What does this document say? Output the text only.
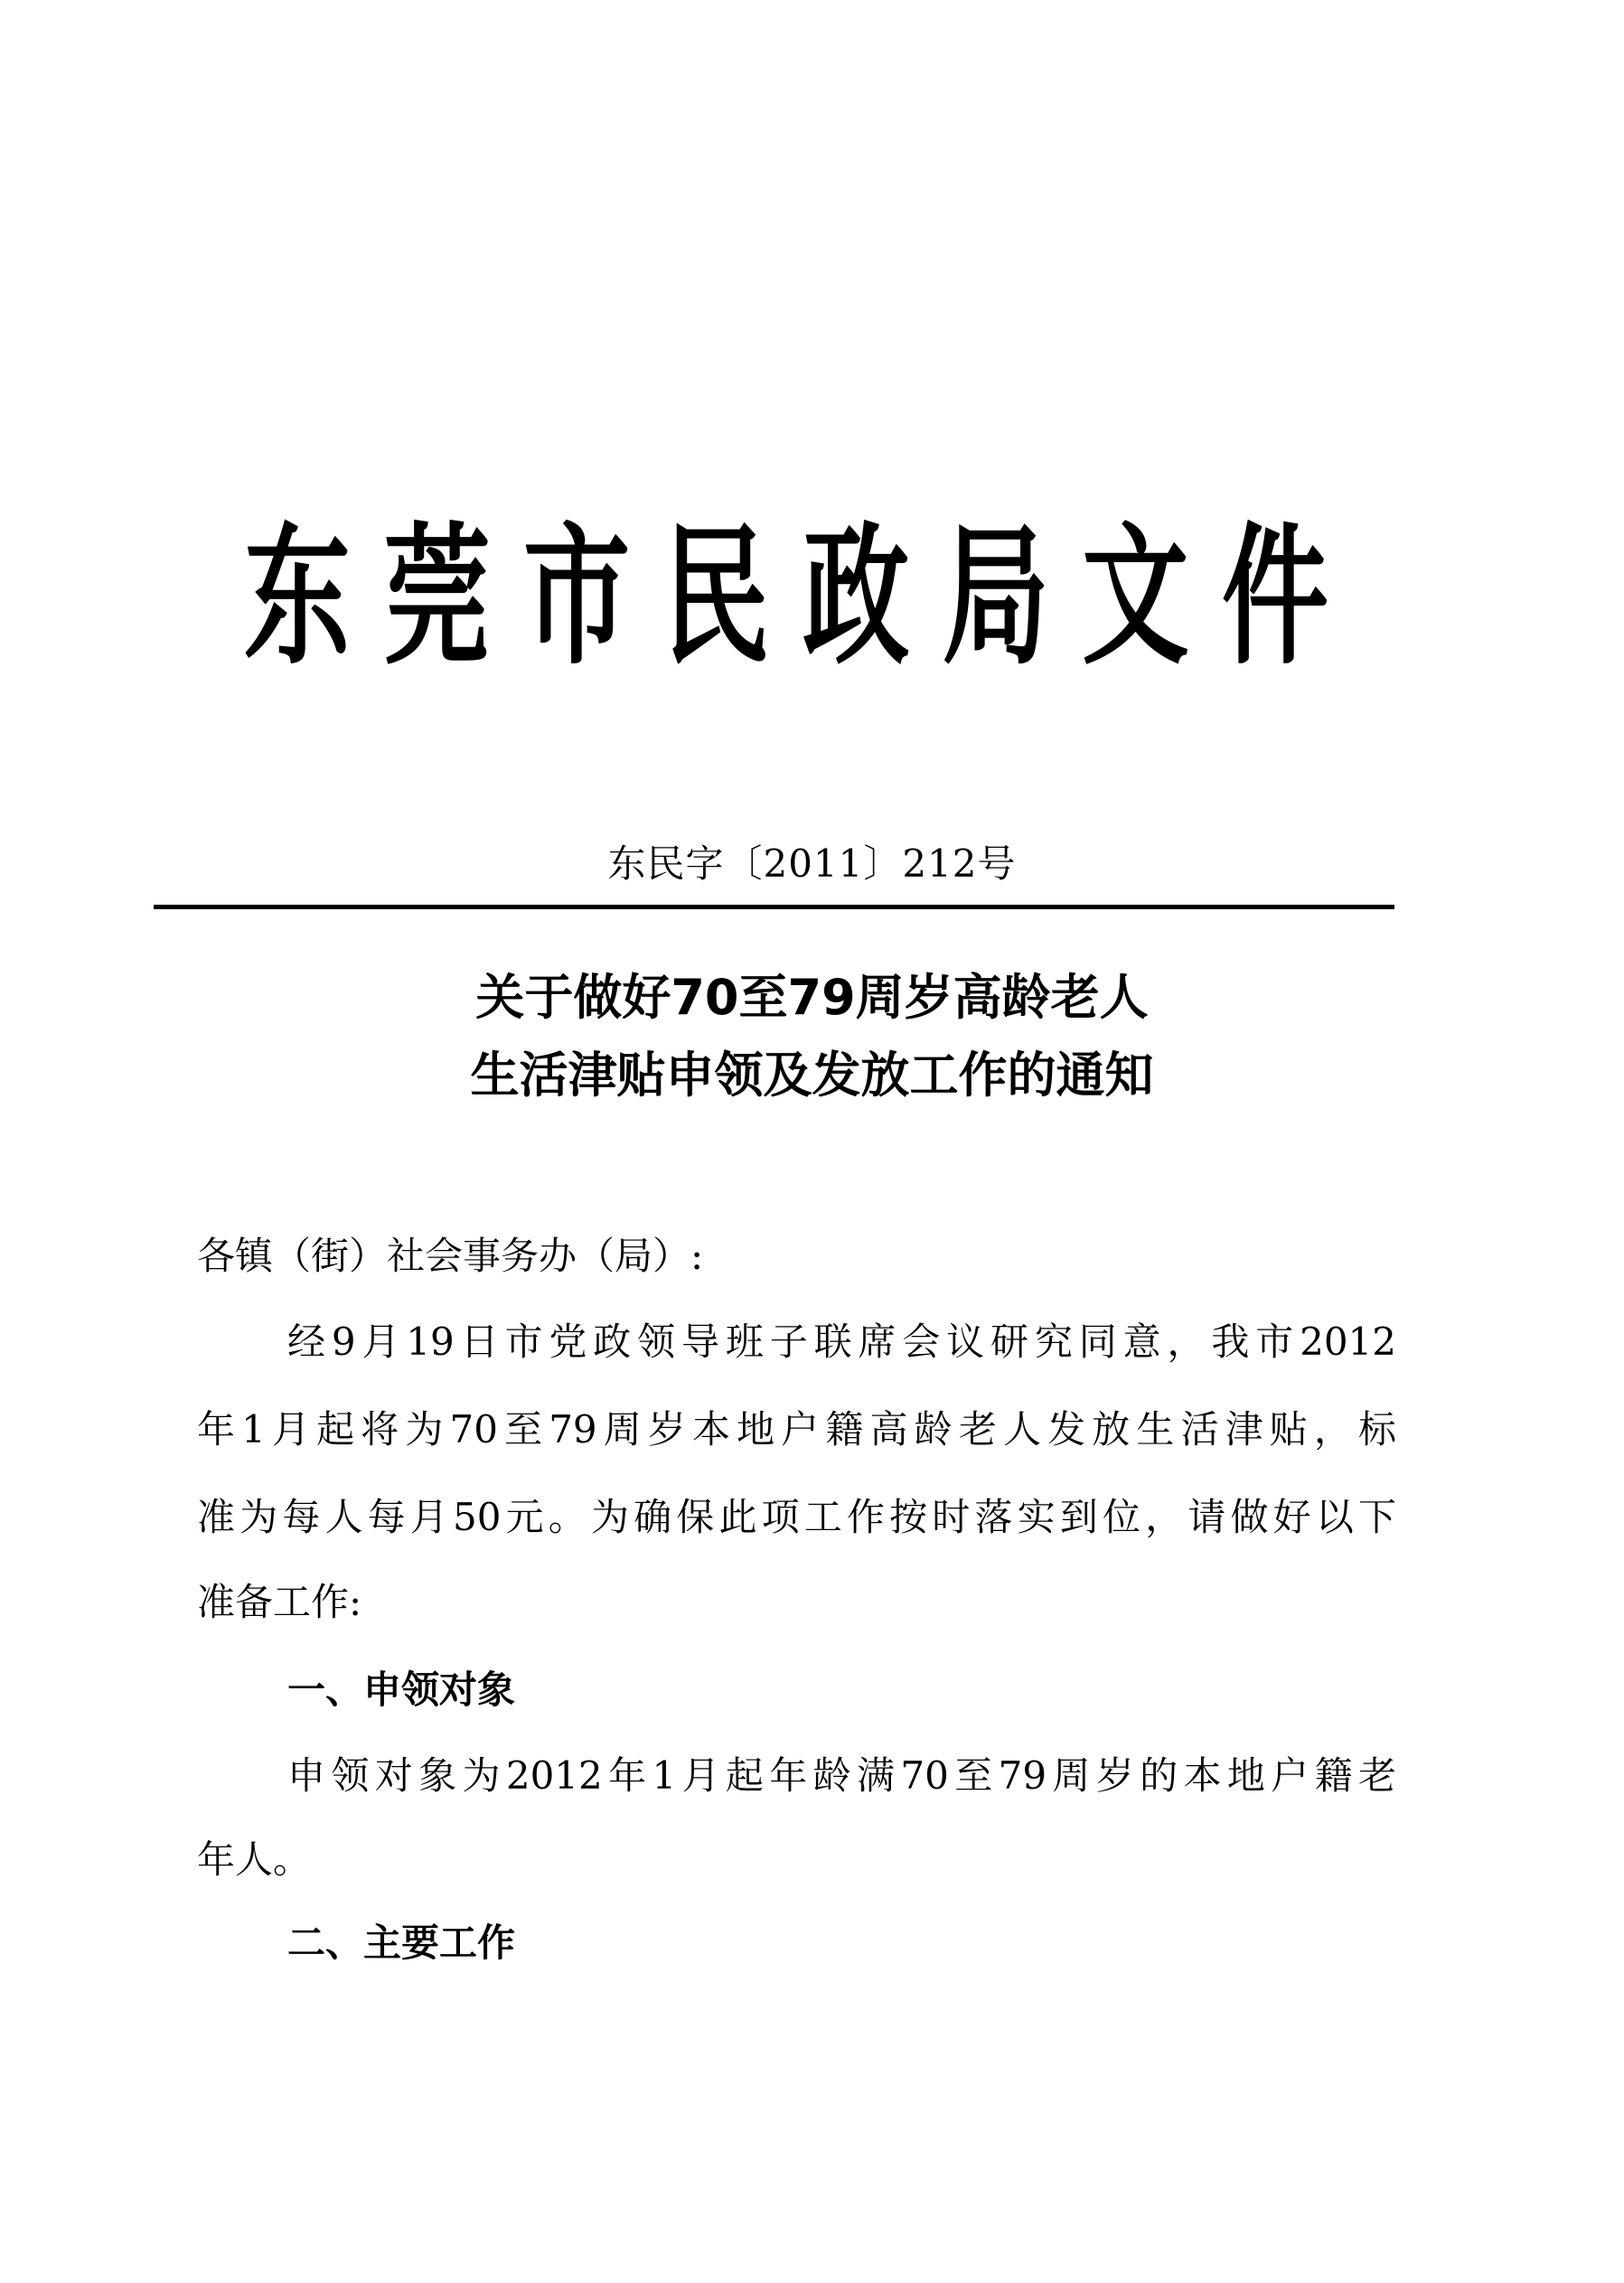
东 莞 市 民 政 局 文 件
东民字〔2011〕212号
关于做好70至79周岁高龄老人
生活津贴申领及发放工作的通知
各镇（街）社会事务办（局）:
经9月19日市党政领导班子联席会议研究同意，我市2012
年1月起将为70至79周岁本地户籍高龄老人发放生活津贴，标
准为每人每月50元。为确保此项工作按时落实到位，请做好以下
准备工作:
一、申领对象
申领对象为2012年1月起年龄满70至79周岁的本地户籍老
年人。
二、主要工作
